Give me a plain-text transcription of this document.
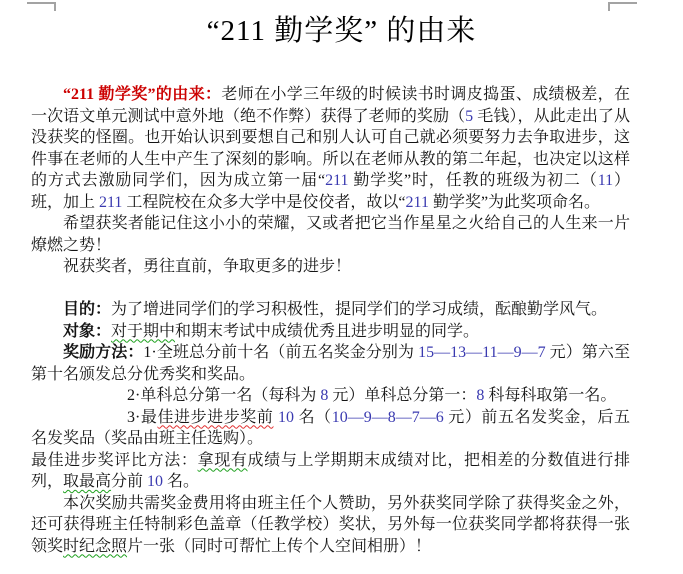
“211 勤学奖” 的由来
“211 勤学奖”的由来：老师在小学三年级的时候读书时调皮捣蛋、成绩极差，在一次语文单元测试中意外地（绝不作弊）获得了老师的奖励（5 毛钱），从此走出了从没获奖的怪圈。也开始认识到要想自己和别人认可自己就必须要努力去争取进步，这件事在老师的人生中产生了深刻的影响。所以在老师从教的第二年起，也决定以这样的方式去激励同学们，因为成立第一届“211 勤学奖”时，任教的班级为初二（11）班，加上 211 工程院校在众多大学中是佼佼者，故以“211 勤学奖”为此奖项命名。
希望获奖者能记住这小小的荣耀，又或者把它当作星星之火给自己的人生来一片燎燃之势！
祝获奖者，勇往直前，争取更多的进步！

目的：为了增进同学们的学习积极性，提同学们的学习成绩，酝酿勤学风气。
对象：对于期中和期末考试中成绩优秀且进步明显的同学。
奖励方法：1·全班总分前十名（前五名奖金分别为 15—13—11—9—7 元）第六至第十名颁发总分优秀奖和奖品。
2·单科总分第一名（每科为 8 元）单科总分第一：8 科每科取第一名。
3·最佳进步进步奖前 10 名（10—9—8—7—6 元）前五名发奖金，后五名发奖品（奖品由班主任选购）。
最佳进步奖评比方法：拿现有成绩与上学期期末成绩对比，把相差的分数值进行排列，取最高分前 10 名。
本次奖励共需奖金费用将由班主任个人赞助，另外获奖同学除了获得奖金之外，还可获得班主任特制彩色盖章（任教学校）奖状，另外每一位获奖同学都将获得一张领奖时纪念照片一张（同时可帮忙上传个人空间相册）！
